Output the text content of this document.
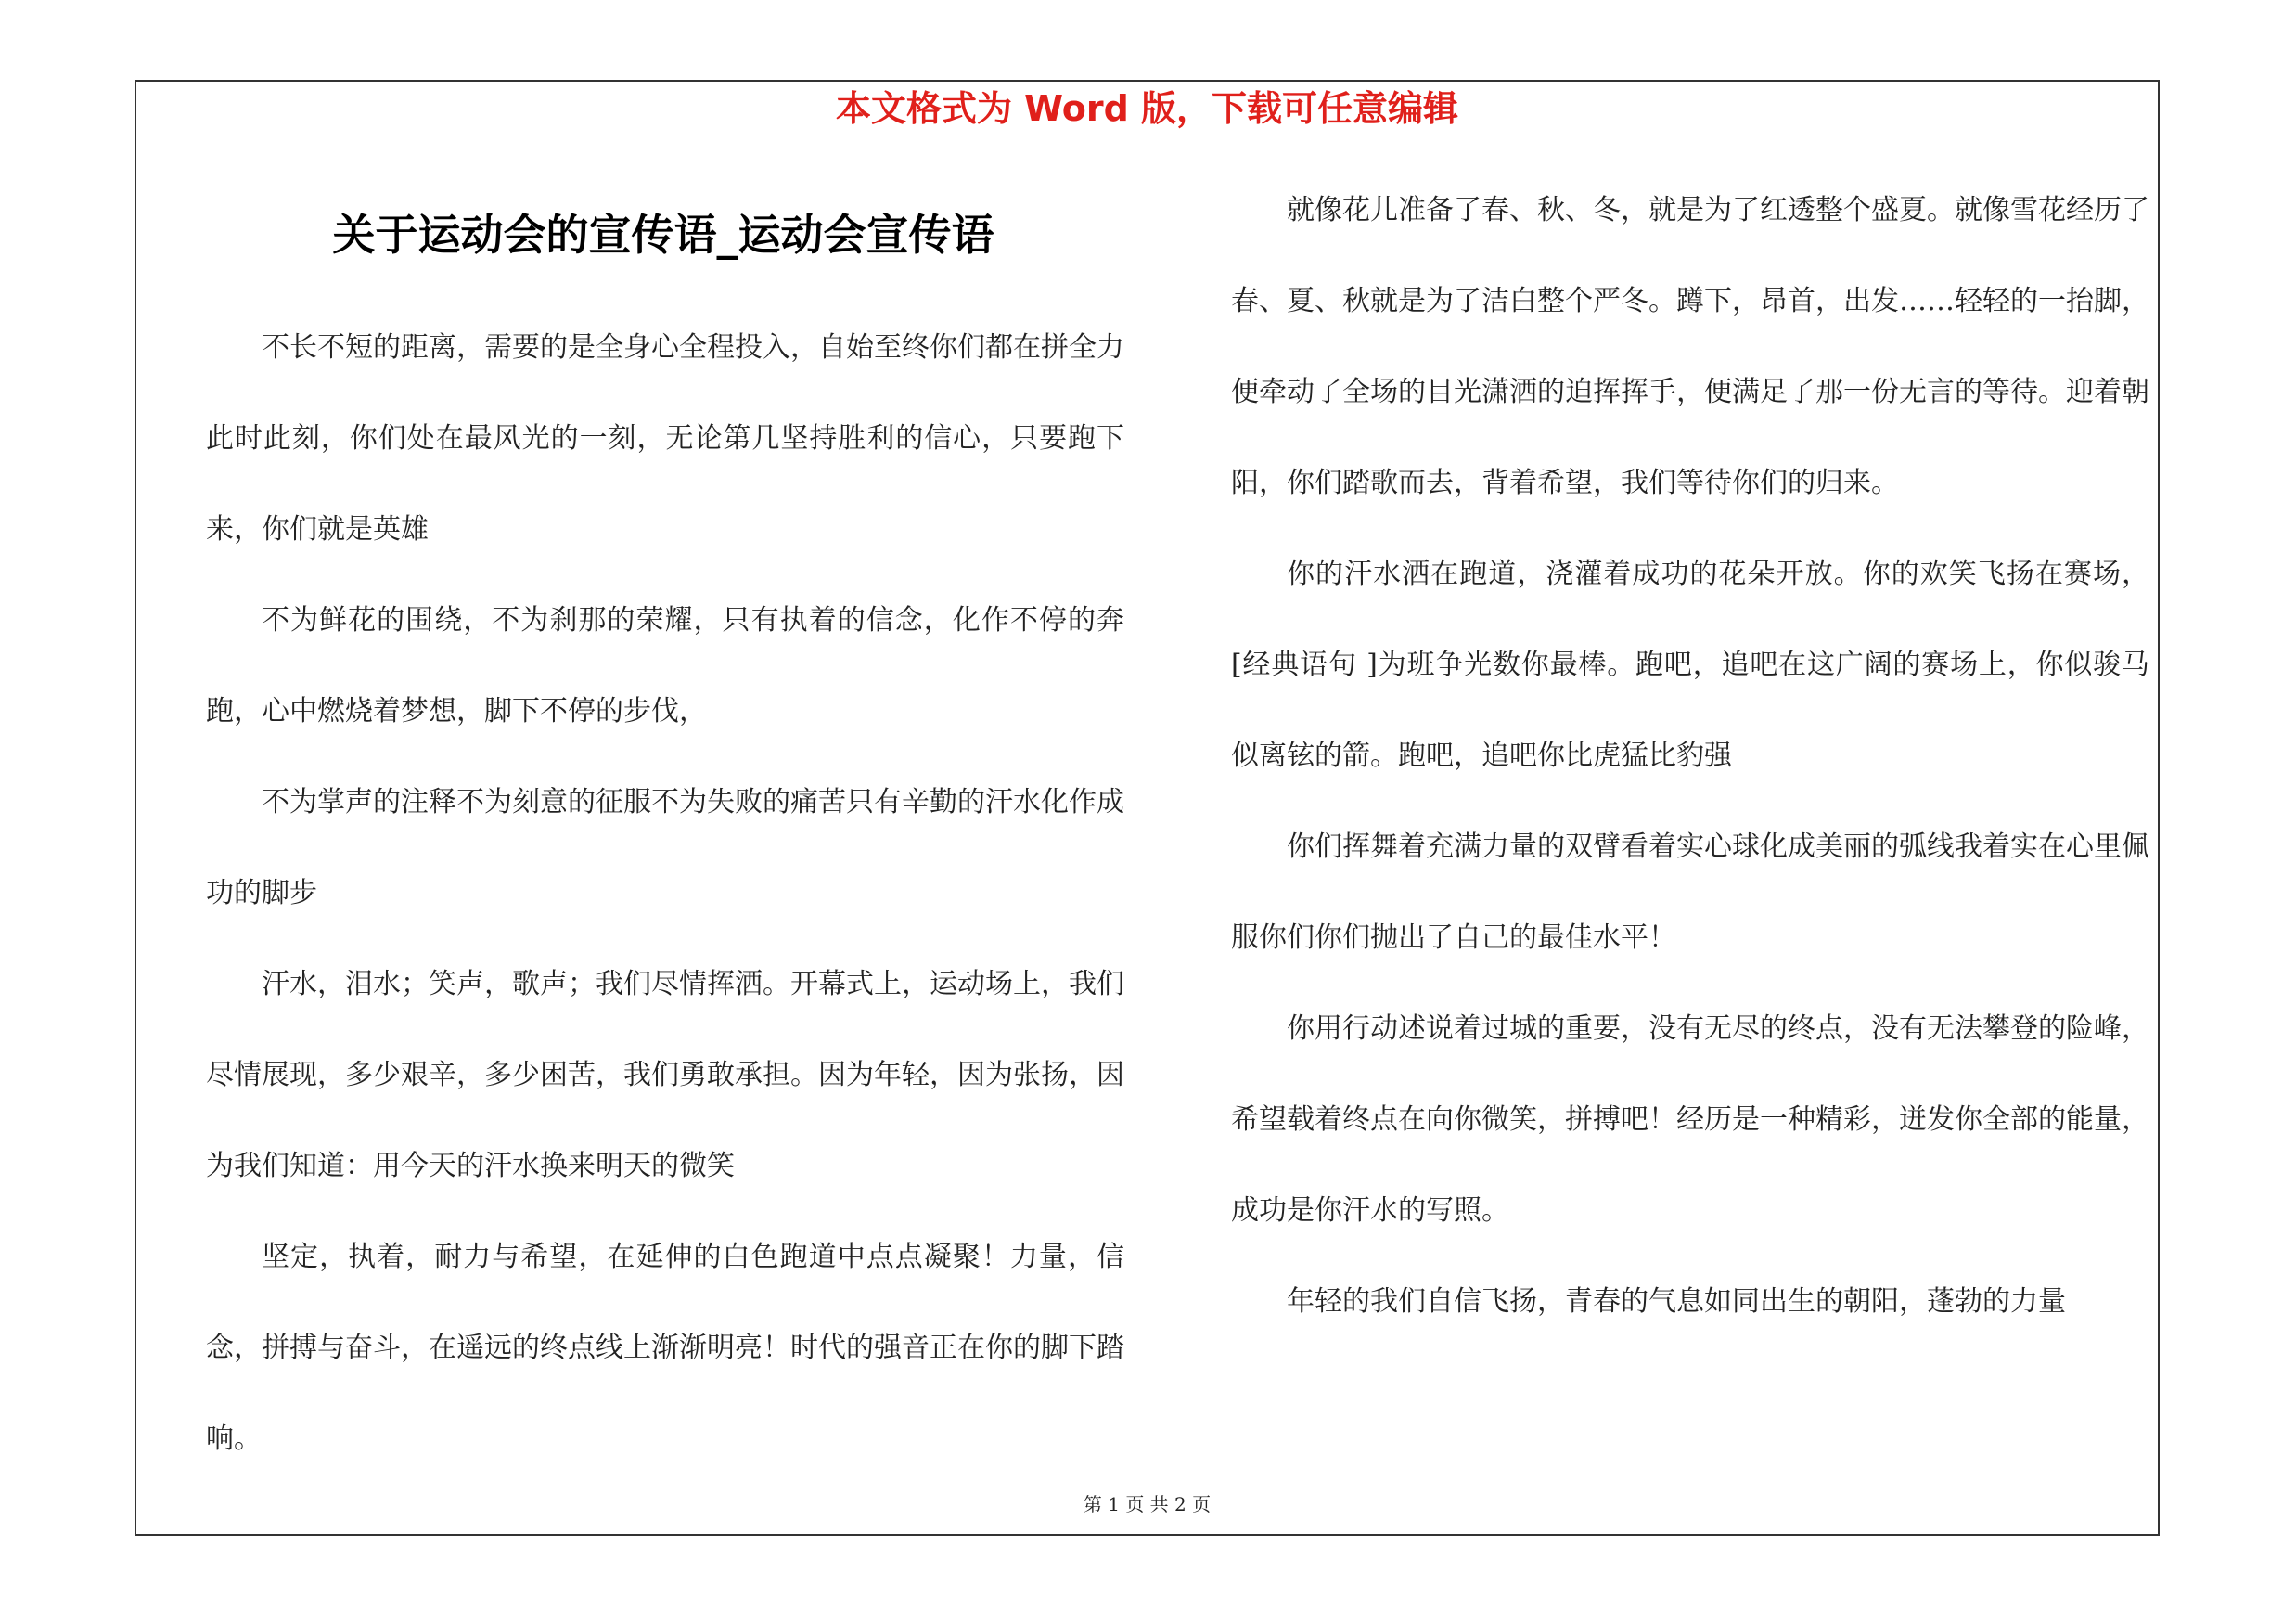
本文格式为 Word 版，下载可任意编辑

关于运动会的宣传语_运动会宣传语

不长不短的距离，需要的是全身心全程投入，自始至终你们都在拼全力此时此刻，你们处在最风光的一刻，无论第几坚持胜利的信心，只要跑下来，你们就是英雄

不为鲜花的围绕，不为刹那的荣耀，只有执着的信念，化作不停的奔跑，心中燃烧着梦想，脚下不停的步伐，

不为掌声的注释不为刻意的征服不为失败的痛苦只有辛勤的汗水化作成功的脚步

汗水，泪水；笑声，歌声；我们尽情挥洒。开幕式上，运动场上，我们尽情展现，多少艰辛，多少困苦，我们勇敢承担。因为年轻，因为张扬，因为我们知道：用今天的汗水换来明天的微笑

坚定，执着，耐力与希望，在延伸的白色跑道中点点凝聚！力量，信念，拼搏与奋斗，在遥远的终点线上渐渐明亮！时代的强音正在你的脚下踏响。

就像花儿准备了春、秋、冬，就是为了红透整个盛夏。就像雪花经历了春、夏、秋就是为了洁白整个严冬。蹲下，昂首，出发……轻轻的一抬脚，便牵动了全场的目光潇洒的迫挥挥手，便满足了那一份无言的等待。迎着朝阳，你们踏歌而去，背着希望，我们等待你们的归来。

你的汗水洒在跑道，浇灌着成功的花朵开放。你的欢笑飞扬在赛场，[经典语句 ]为班争光数你最棒。跑吧，追吧在这广阔的赛场上，你似骏马似离铉的箭。跑吧，追吧你比虎猛比豹强

你们挥舞着充满力量的双臂看着实心球化成美丽的弧线我着实在心里佩服你们你们抛出了自己的最佳水平！

你用行动述说着过城的重要，没有无尽的终点，没有无法攀登的险峰，希望载着终点在向你微笑，拼搏吧！经历是一种精彩，迸发你全部的能量，成功是你汗水的写照。

年轻的我们自信飞扬，青春的气息如同出生的朝阳，蓬勃的力量

第 1 页 共 2 页
